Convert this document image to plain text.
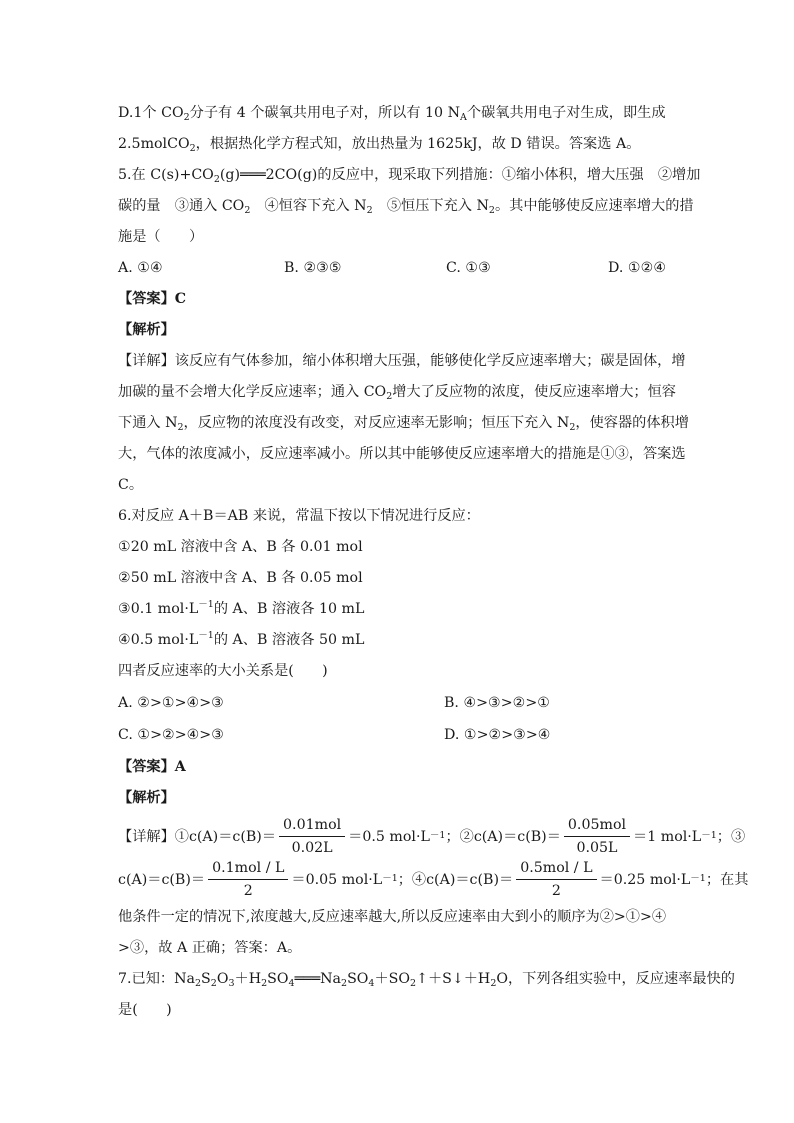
D.1个 $CO_2$分子有 4 个碳氧共用电子对，所以有 10 $N_A$个碳氧共用电子对生成，即生成
2.5molCO$_2$，根据热化学方程式知，放出热量为 1625kJ，故 D 错误。答案选 A。
5.在 $C(s)+CO_2(g)═══2CO(g)$的反应中，现采取下列措施：①缩小体积，增大压强　②增加
碳的量　③通入 $CO_2$　④恒容下充入 $N_2$　⑤恒压下充入 $N_2$。其中能够使反应速率增大的措
施是（　　）
A. ①④	B. ②③⑤	C. ①③	D. ①②④
【答案】C
【解析】
【详解】该反应有气体参加，缩小体积增大压强，能够使化学反应速率增大；碳是固体，增
加碳的量不会增大化学反应速率；通入 $CO_2$增大了反应物的浓度，使反应速率增大；恒容
下通入 $N_2$，反应物的浓度没有改变，对反应速率无影响；恒压下充入 $N_2$，使容器的体积增
大，气体的浓度减小，反应速率减小。所以其中能够使反应速率增大的措施是①③，答案选
C。
6.对反应 A＋B＝AB 来说，常温下按以下情况进行反应：
①20 mL 溶液中含 A、B 各 0.01 mol
②50 mL 溶液中含 A、B 各 0.05 mol
③0.1 $mol\cdot L^{-1}$的 A、B 溶液各 10 mL
④0.5 $mol\cdot L^{-1}$的 A、B 溶液各 50 mL
四者反应速率的大小关系是(　　)
A. ②>①>④>③	B. ④>③>②>①
C. ①>②>④>③	D. ①>②>③>④
【答案】A
【解析】
【详解】①c(A)＝c(B)＝ $\frac{\text{0.01mol}}{0.02L} =0.5$ mol·L －1 ；②c(A)＝c(B)＝ $\frac{\text{0.05mol}}{0.05L} =1$ mol·L －1 ；③
$c(A)=c(B)= \frac{\text{0.1mol / L}}{2} =0.05$ mol·L －1 ；④c(A)＝c(B)＝ $\frac{\text{0.5mol / L}}{2} =0.25$ mol·L －1 ；在其
他条件一定的情况下,浓度越大,反应速率越大,所以反应速率由大到小的顺序为②>①>④
>③，故 A 正确；答案：A。
7.已知：$Na_2S_2O_3+H_2SO_4═══Na_2SO_4+SO_2↑+S↓+H_2O$，下列各组实验中，反应速率最快的
是(　　)
